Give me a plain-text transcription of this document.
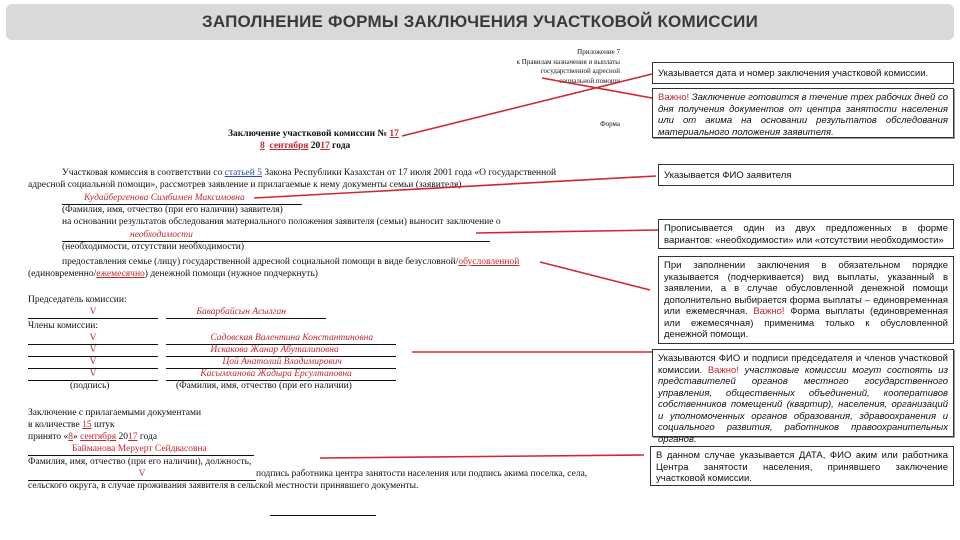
ЗАПОЛНЕНИЕ ФОРМЫ ЗАКЛЮЧЕНИЯ УЧАСТКОВОЙ КОМИССИИ
Приложение 7
к Правилам назначения и выплаты
государственной адресной
социальной помощи
Форма
Заключение участковой комиссии № 17
8 сентября 2017 года
Участковая комиссия в соответствии со статьей 5 Закона Республики Казахстан от 17 июля 2001 года «О государственной
адресной социальной помощи», рассмотрев заявление и прилагаемые к нему документы семьи (заявителя)
Кудайбергенова Симбимен Максимовна
(Фамилия, имя, отчество (при его наличии) заявителя)
на основании результатов обследования материального положения заявителя (семьи) выносит заключение о
необходимости
(необходимости, отсутствии необходимости)
предоставления семье (лицу) государственной адресной социальной помощи в виде безусловной/обусловленной
(единовременно/ежемесячно) денежной помощи (нужное подчеркнуть)
Председатель комиссии:
V	Баварбайсын Асылган
Члены комиссии:
V	Садовская Валентина Константиновна
V	Искакова Жанар Абуталиповна
V	Цой Анатолий Владимирович
V	Касымханова Жадыра Ерсултановна
(подпись)	(Фамилия, имя, отчество (при его наличии)
Заключение с прилагаемыми документами
в количестве 15 штук
принято «8» сентября 2017 года
Байманова Меруерт Сейдвасовна
Фамилия, имя, отчество (при его наличии), должность,
V	подпись работника центра занятости населения или подпись акима поселка, села,
сельского округа, в случае проживания заявителя в сельской местности принявшего документы.
Указывается дата и номер заключения участковой комиссии.
Важно! Заключение готовится в течение трех рабочих дней со дня получения документов от центра занятости населения или от акима на основании результатов обследования материального положения заявителя.
Указывается ФИО заявителя
Прописывается один из двух предложенных в форме вариантов: «необходимости» или «отсутствии необходимости»
При заполнении заключения в обязательном порядке указывается (подчеркивается) вид выплаты, указанный в заявлении, а в случае обусловленной денежной помощи дополнительно выбирается форма выплаты – единовременная или ежемесячная. Важно! Форма выплаты (единовременная или ежемесячная) применима только к обусловленной денежной помощи.
Указываются ФИО и подписи председателя и членов участковой комиссии. Важно! участковые комиссии могут состоять из представителей органов местного государственного управления, общественных объединений, кооперативов собственников помещений (квартир), населения, организаций и уполномоченных органов образования, здравоохранения и социального развития, работников правоохранительных органов.
В данном случае указывается ДАТА, ФИО аким или работника Центра занятости населения, принявшего заключение участковой комиссии.
